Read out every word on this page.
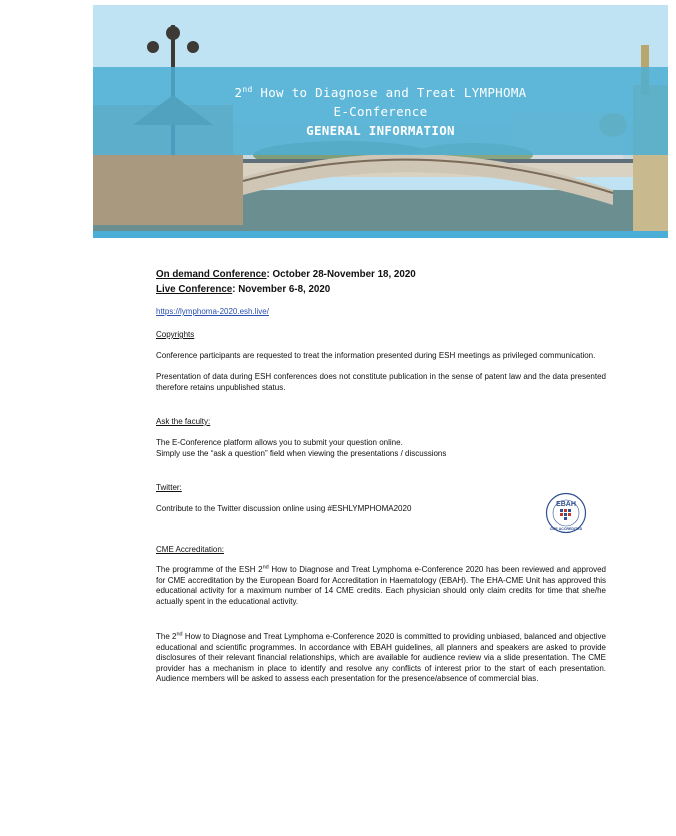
2nd How to Diagnose and Treat LYMPHOMA
E-Conference
GENERAL INFORMATION
On demand Conference: October 28-November 18, 2020
Live Conference: November 6-8, 2020
https://lymphoma-2020.esh.live/
Copyrights
Conference participants are requested to treat the information presented during ESH meetings as privileged communication.
Presentation of data during ESH conferences does not constitute publication in the sense of patent law and the data presented therefore retains unpublished status.
Ask the faculty:
The E-Conference platform allows you to submit your question online.
Simply use the “ask a question” field when viewing the presentations / discussions
Twitter:
Contribute to the Twitter discussion online using #ESHLYMPHOMA2020	EBAH
CME ACCREDITED
CME Accreditation:
The programme of the ESH 2nd How to Diagnose and Treat Lymphoma e-Conference 2020 has been reviewed and approved for CME accreditation by the European Board for Accreditation in Haematology (EBAH). The EHA-CME Unit has approved this educational activity for a maximum number of 14 CME credits. Each physician should only claim credits for time that she/he actually spent in the educational activity.
The 2nd How to Diagnose and Treat Lymphoma e-Conference 2020 is committed to providing unbiased, balanced and objective educational and scientific programmes. In accordance with EBAH guidelines, all planners and speakers are asked to provide disclosures of their relevant financial relationships, which are available for audience review via a slide presentation. The CME provider has a mechanism in place to identify and resolve any conflicts of interest prior to the start of each presentation. Audience members will be asked to assess each presentation for the presence/absence of commercial bias.
